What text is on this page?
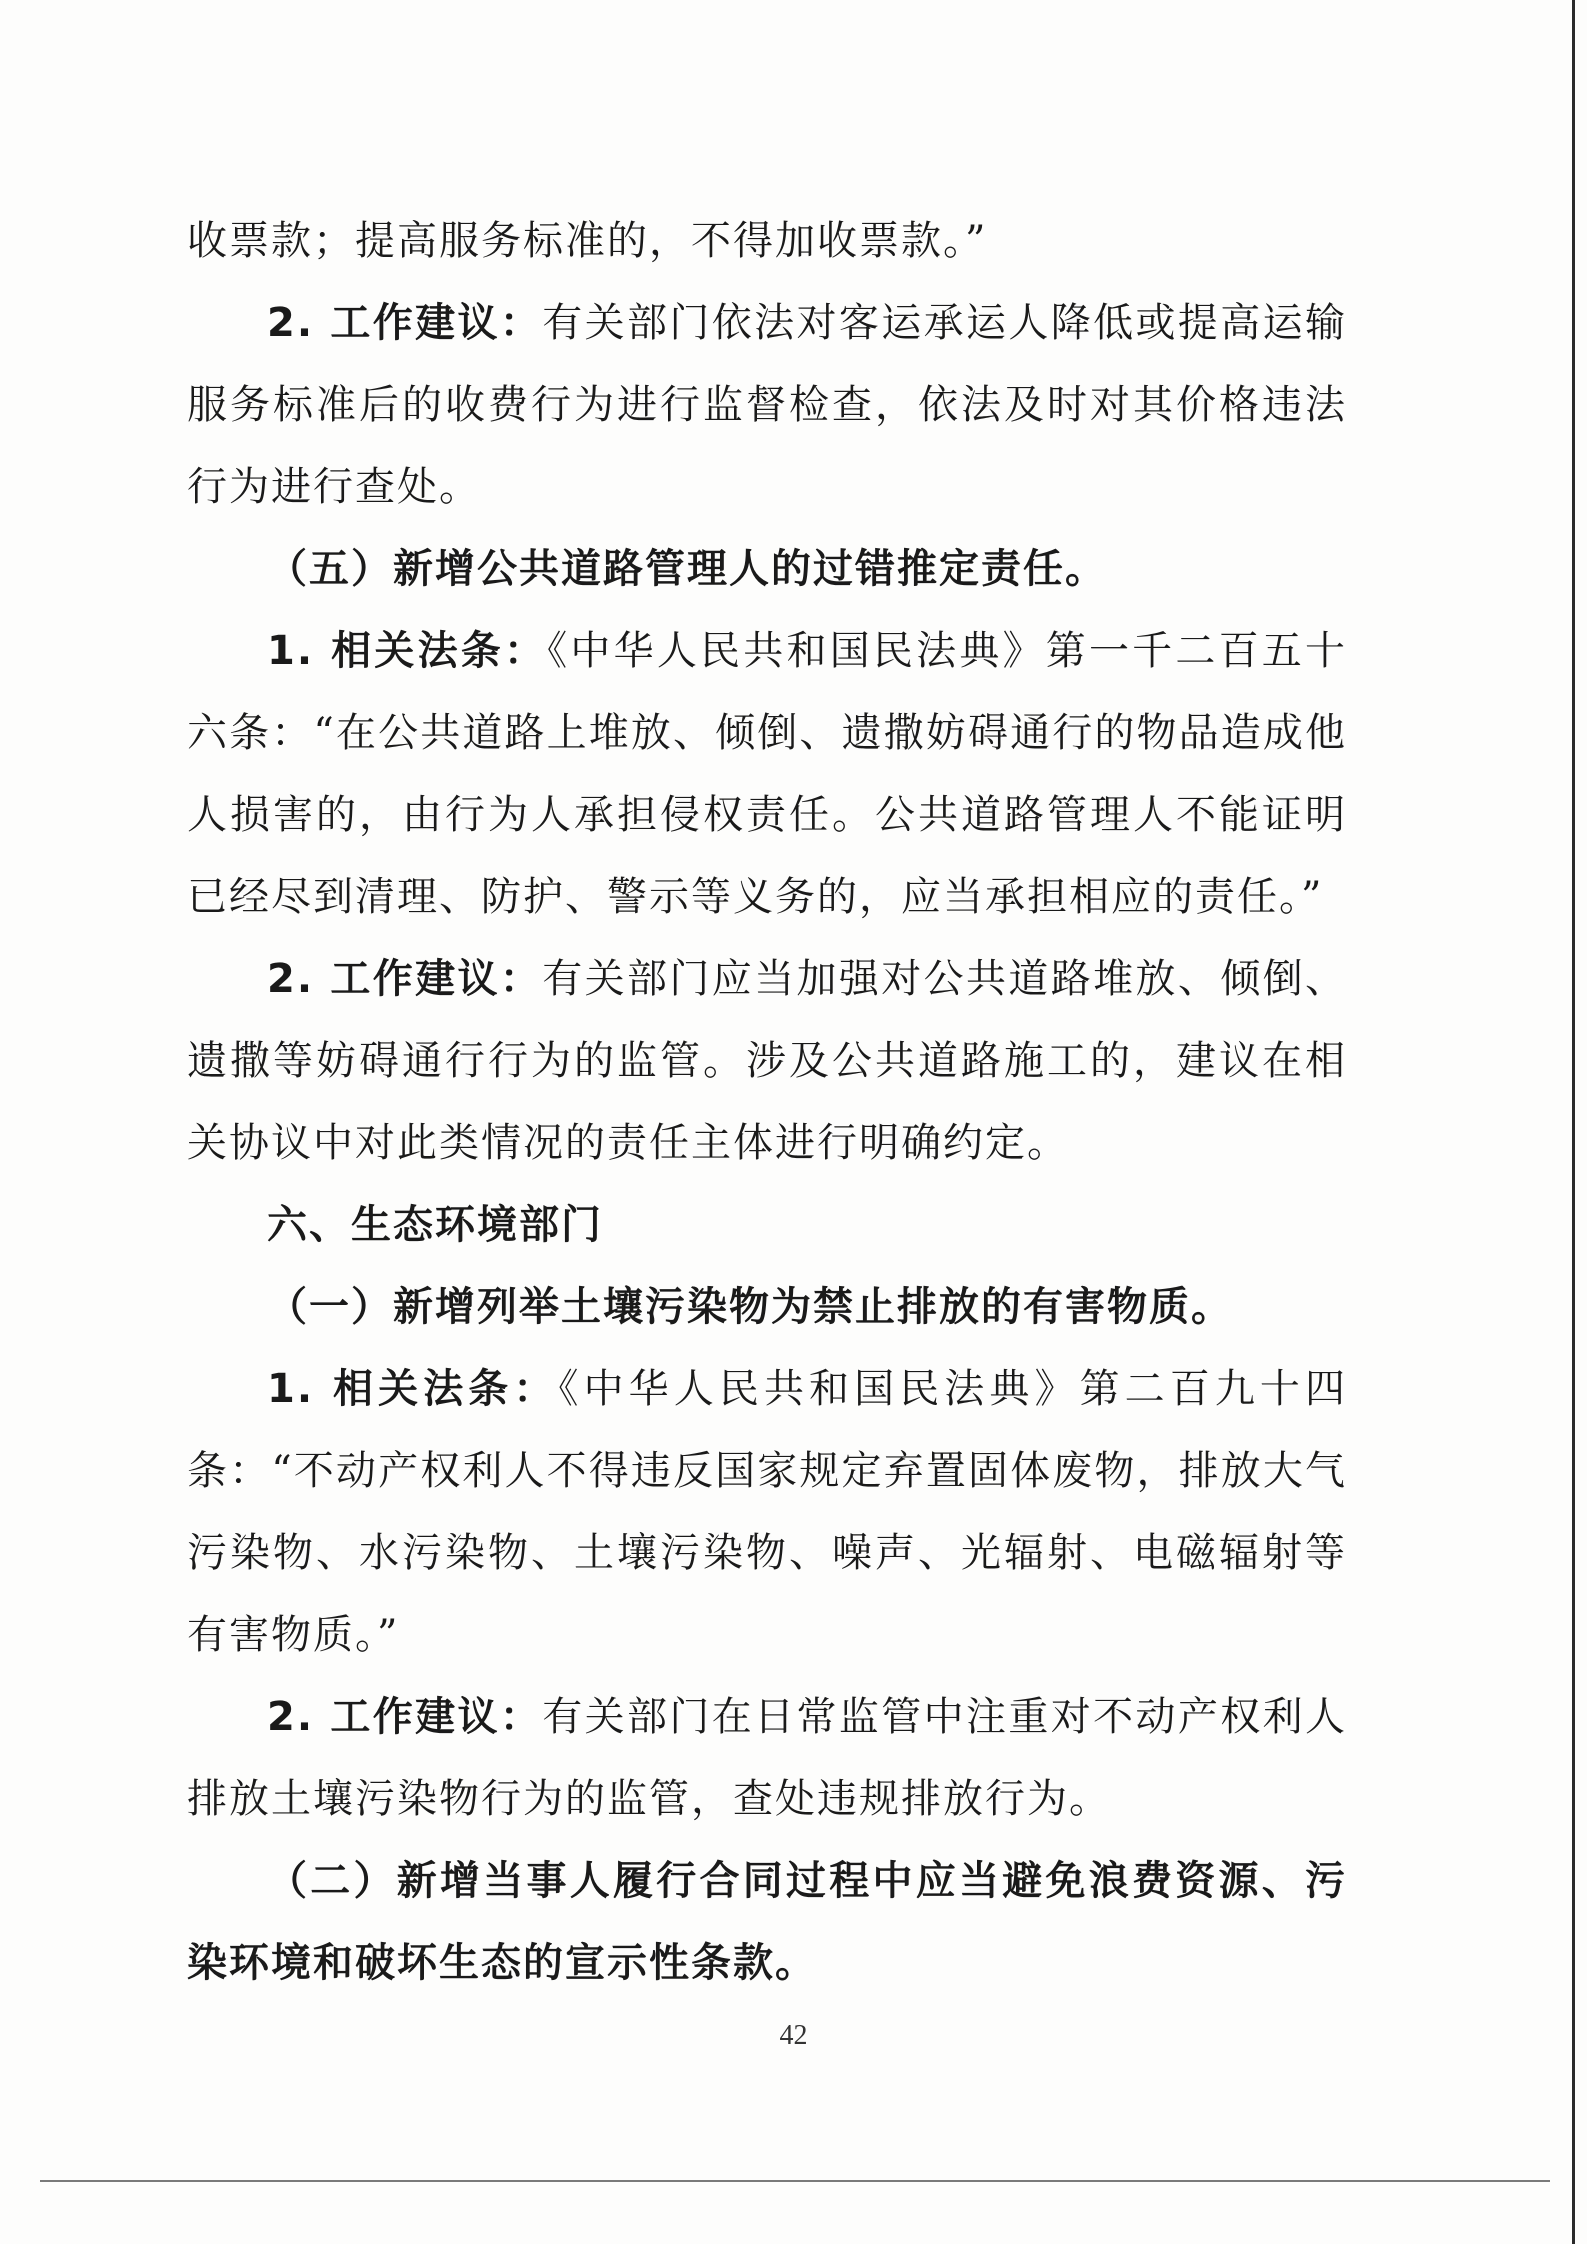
收票款；提高服务标准的，不得加收票款。”

2. 工作建议：有关部门依法对客运承运人降低或提高运输服务标准后的收费行为进行监督检查，依法及时对其价格违法行为进行查处。

（五）新增公共道路管理人的过错推定责任。

1. 相关法条：《中华人民共和国民法典》第一千二百五十六条：“在公共道路上堆放、倾倒、遗撒妨碍通行的物品造成他人损害的，由行为人承担侵权责任。公共道路管理人不能证明已经尽到清理、防护、警示等义务的，应当承担相应的责任。”

2. 工作建议：有关部门应当加强对公共道路堆放、倾倒、遗撒等妨碍通行行为的监管。涉及公共道路施工的，建议在相关协议中对此类情况的责任主体进行明确约定。

六、生态环境部门

（一）新增列举土壤污染物为禁止排放的有害物质。

1. 相关法条：《中华人民共和国民法典》第二百九十四条：“不动产权利人不得违反国家规定弃置固体废物，排放大气污染物、水污染物、土壤污染物、噪声、光辐射、电磁辐射等有害物质。”

2. 工作建议：有关部门在日常监管中注重对不动产权利人排放土壤污染物行为的监管，查处违规排放行为。

（二）新增当事人履行合同过程中应当避免浪费资源、污染环境和破坏生态的宣示性条款。

42
